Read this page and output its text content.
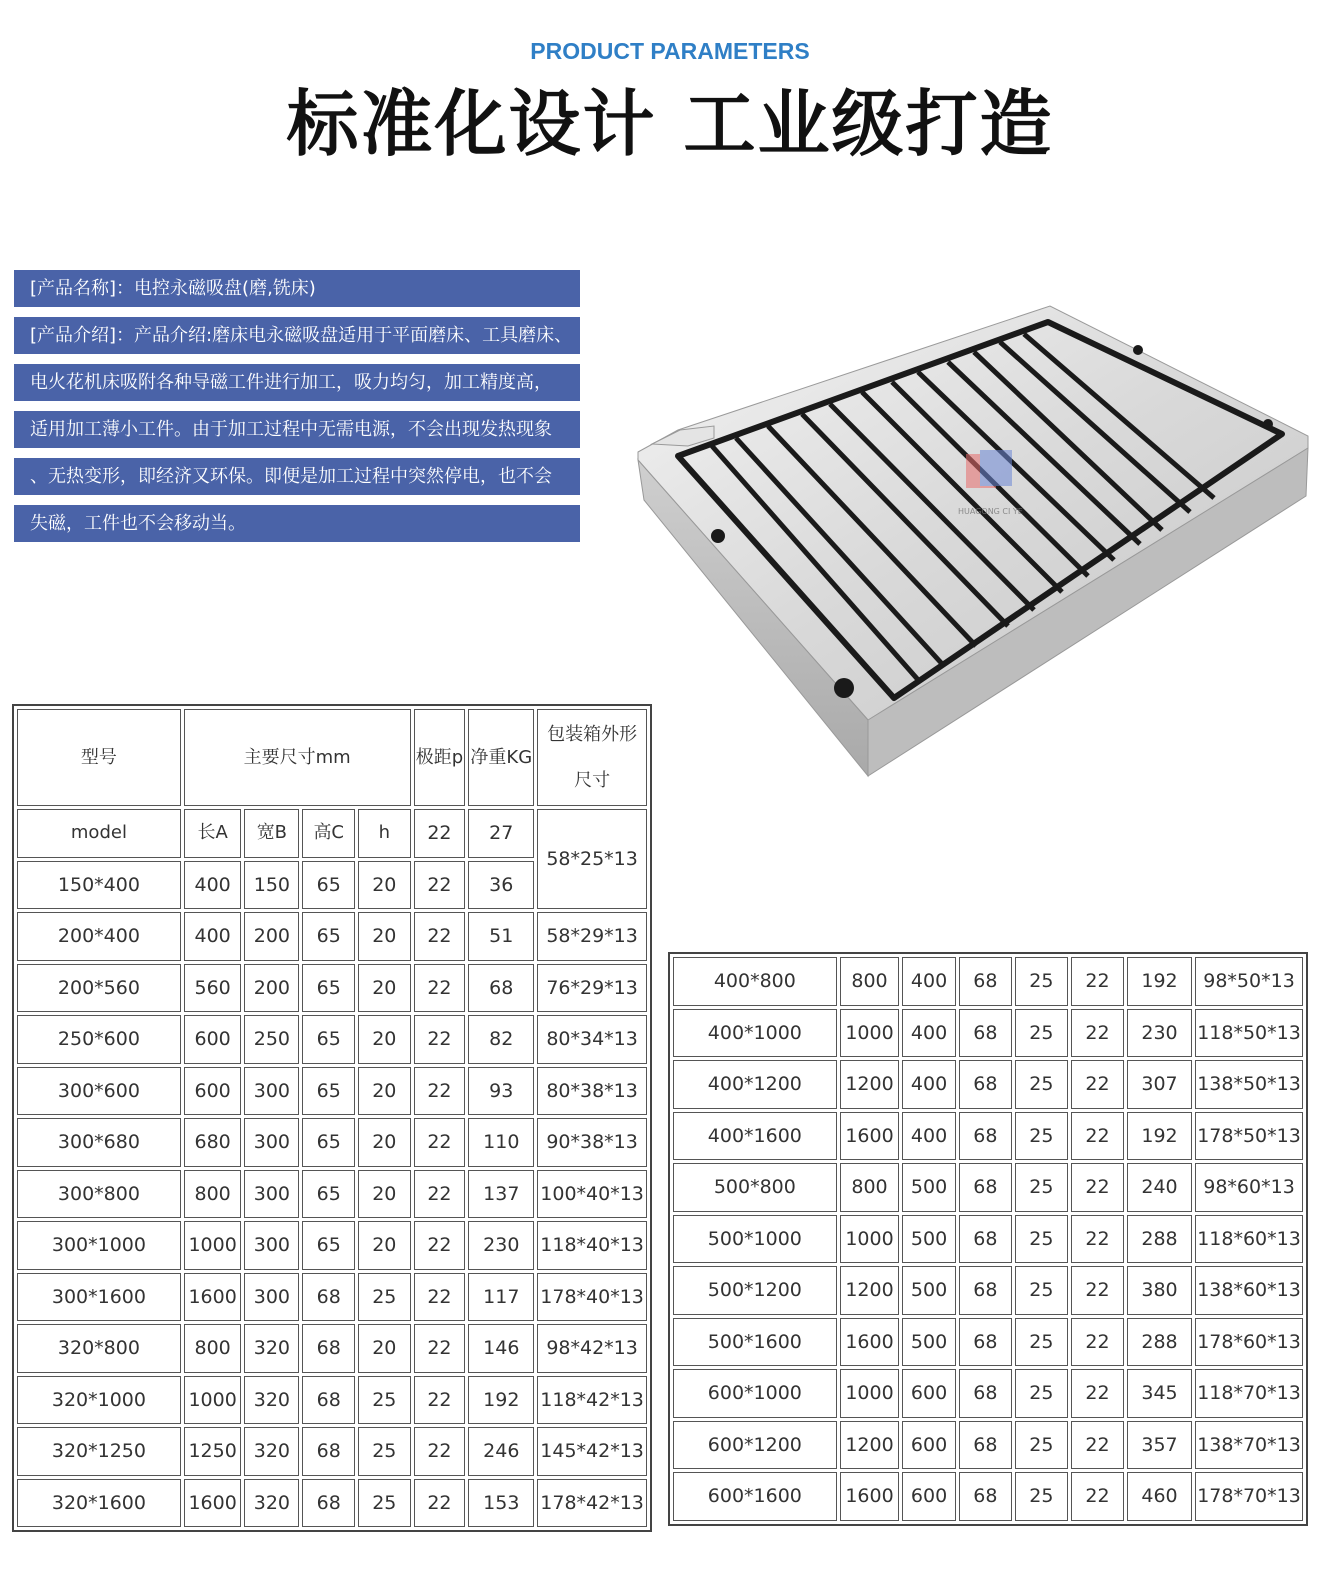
PRODUCT PARAMETERS
标准化设计 工业级打造
[产品名称]：电控永磁吸盘(磨,铣床)
[产品介绍]：产品介绍:磨床电永磁吸盘适用于平面磨床、工具磨床、
电火花机床吸附各种导磁工件进行加工，吸力均匀，加工精度高，
适用加工薄小工件。由于加工过程中无需电源，不会出现发热现象
、无热变形，即经济又环保。即便是加工过程中突然停电，也不会
失磁，工件也不会移动当。
HUAGONG CI YE
型号	主要尺寸mm				极距p	净重KG	包装箱外形
尺寸

model	长A	宽B	高C	h	22	27	58*25*13
150*400	400	150	65	20	22	36	
200*400	400	200	65	20	22	51	58*29*13
200*560	560	200	65	20	22	68	76*29*13
250*600	600	250	65	20	22	82	80*34*13
300*600	600	300	65	20	22	93	80*38*13
300*680	680	300	65	20	22	110	90*38*13
300*800	800	300	65	20	22	137	100*40*13
300*1000	1000	300	65	20	22	230	118*40*13
300*1600	1600	300	68	25	22	117	178*40*13
320*800	800	320	68	20	22	146	98*42*13
320*1000	1000	320	68	25	22	192	118*42*13
320*1250	1250	320	68	25	22	246	145*42*13
320*1600	1600	320	68	25	22	153	178*42*13
400*800	800	400	68	25	22	192	98*50*13
400*1000	1000	400	68	25	22	230	118*50*13
400*1200	1200	400	68	25	22	307	138*50*13
400*1600	1600	400	68	25	22	192	178*50*13
500*800	800	500	68	25	22	240	98*60*13
500*1000	1000	500	68	25	22	288	118*60*13
500*1200	1200	500	68	25	22	380	138*60*13
500*1600	1600	500	68	25	22	288	178*60*13
600*1000	1000	600	68	25	22	345	118*70*13
600*1200	1200	600	68	25	22	357	138*70*13
600*1600	1600	600	68	25	22	460	178*70*13
